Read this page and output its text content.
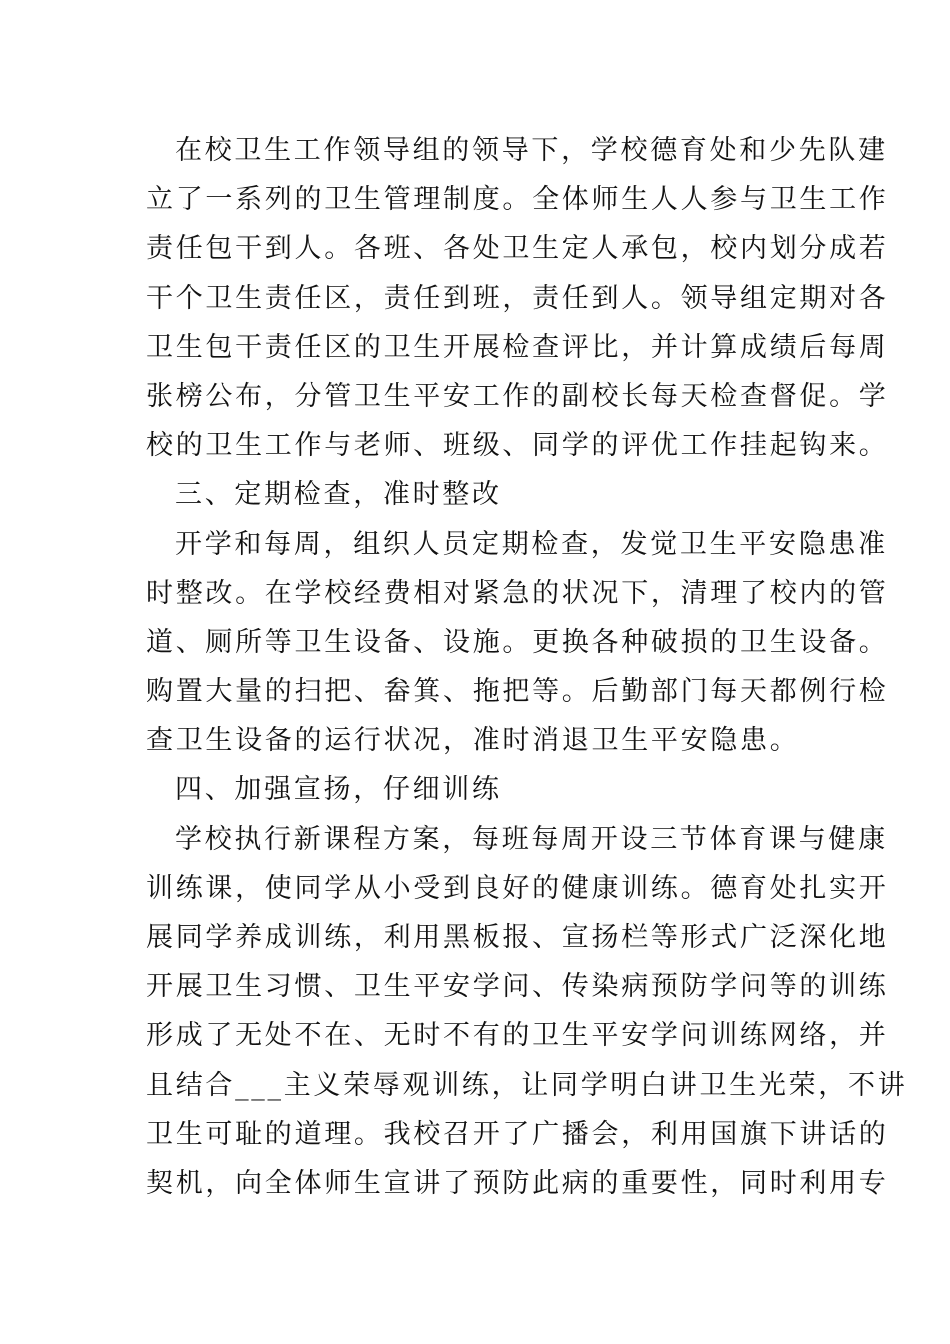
在校卫生工作领导组的领导下，学校德育处和少先队建
立了一系列的卫生管理制度。全体师生人人参与卫生工作
责任包干到人。各班、各处卫生定人承包，校内划分成若
干个卫生责任区，责任到班，责任到人。领导组定期对各
卫生包干责任区的卫生开展检查评比，并计算成绩后每周
张榜公布，分管卫生平安工作的副校长每天检查督促。学
校的卫生工作与老师、班级、同学的评优工作挂起钩来。
三、定期检查，准时整改
开学和每周，组织人员定期检查，发觉卫生平安隐患准
时整改。在学校经费相对紧急的状况下，清理了校内的管
道、厕所等卫生设备、设施。更换各种破损的卫生设备。
购置大量的扫把、畚箕、拖把等。后勤部门每天都例行检
查卫生设备的运行状况，准时消退卫生平安隐患。
四、加强宣扬，仔细训练
学校执行新课程方案，每班每周开设三节体育课与健康
训练课，使同学从小受到良好的健康训练。德育处扎实开
展同学养成训练，利用黑板报、宣扬栏等形式广泛深化地
开展卫生习惯、卫生平安学问、传染病预防学问等的训练
形成了无处不在、无时不有的卫生平安学问训练网络，并
且结合___主义荣辱观训练，让同学明白讲卫生光荣，不讲
卫生可耻的道理。我校召开了广播会，利用国旗下讲话的
契机，向全体师生宣讲了预防此病的重要性，同时利用专
